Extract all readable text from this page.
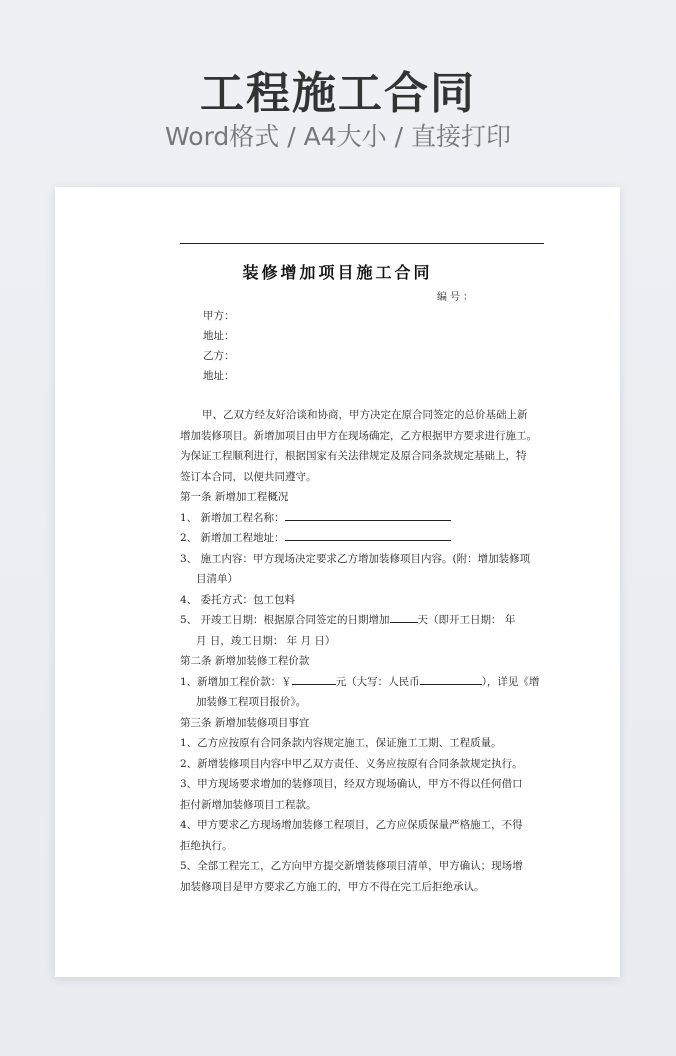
工程施工合同
Word格式 / A4大小 / 直接打印
装修增加项目施工合同
编号：
甲方：
地址：
乙方：
地址：
甲、乙双方经友好洽谈和协商，甲方决定在原合同签定的总价基础上新
增加装修项目。新增加项目由甲方在现场确定，乙方根据甲方要求进行施工。
为保证工程顺利进行，根据国家有关法律规定及原合同条款规定基础上，特
签订本合同，以便共同遵守。
第一条 新增加工程概况
1、 新增加工程名称：
2、 新增加工程地址：
3、 施工内容：甲方现场决定要求乙方增加装修项目内容。(附：增加装修项
目清单）
4、 委托方式：包工包料
5、 开竣工日期：根据原合同签定的日期增加	天（即开工日期： 年
月 日，竣工日期： 年 月 日）
第二条 新增加装修工程价款
1、新增加工程价款：￥	元（大写：人民币	），详见《增
加装修工程项目报价》。
第三条 新增加装修项目事宜
1、乙方应按原有合同条款内容规定施工，保证施工工期、工程质量。
2、新增装修项目内容中甲乙双方责任、义务应按原有合同条款规定执行。
3、甲方现场要求增加的装修项目，经双方现场确认，甲方不得以任何借口
拒付新增加装修项目工程款。
4、甲方要求乙方现场增加装修工程项目，乙方应保质保量严格施工，不得
拒绝执行。
5、全部工程完工，乙方向甲方提交新增装修项目清单，甲方确认；现场增
加装修项目是甲方要求乙方施工的，甲方不得在完工后拒绝承认。
